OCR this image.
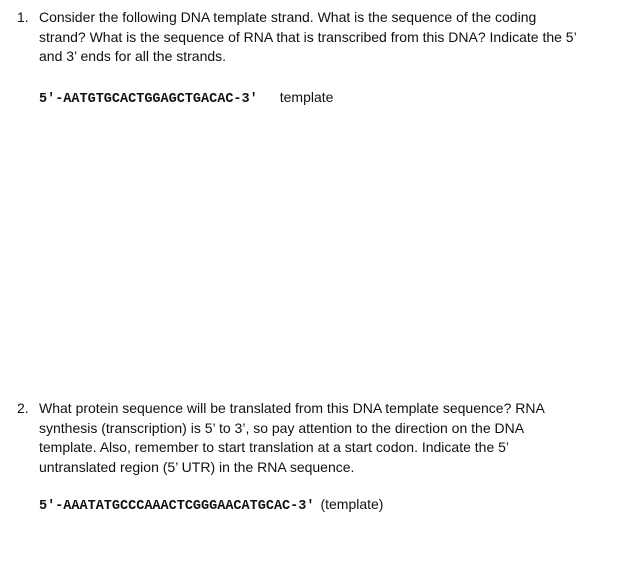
1. Consider the following DNA template strand. What is the sequence of the coding
strand? What is the sequence of RNA that is transcribed from this DNA? Indicate the 5’
and 3’ ends for all the strands.

5'-AATGTGCACTGGAGCTGACAC-3' template
2. What protein sequence will be translated from this DNA template sequence? RNA
synthesis (transcription) is 5’ to 3’, so pay attention to the direction on the DNA
template. Also, remember to start translation at a start codon. Indicate the 5’
untranslated region (5’ UTR) in the RNA sequence.

5'-AAATATGCCCAAACTCGGGAACATGCAC-3' (template)
